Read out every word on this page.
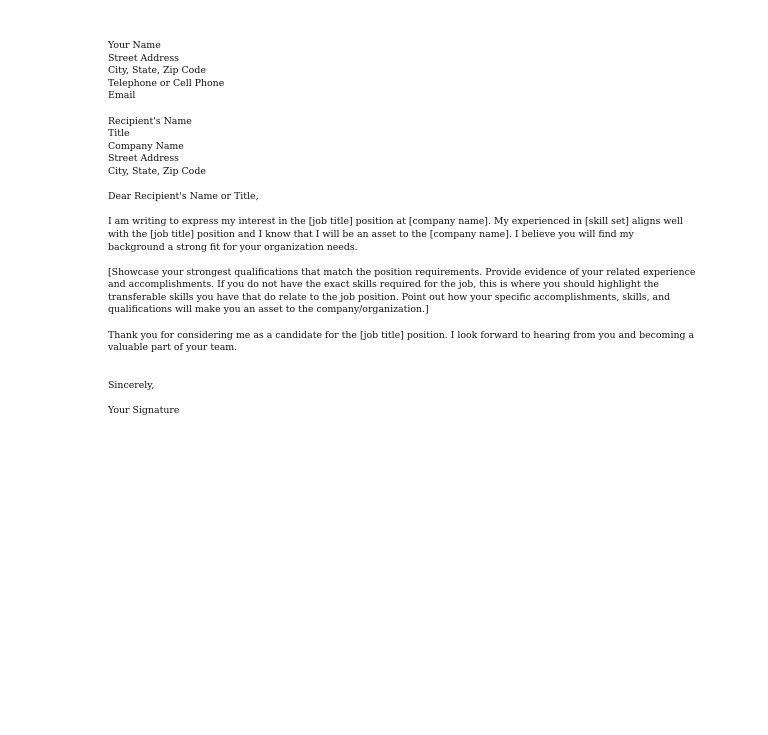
Your Name
Street Address
City, State, Zip Code
Telephone or Cell Phone
Email
Recipient's Name
Title
Company Name
Street Address
City, State, Zip Code
Dear Recipient's Name or Title,
I am writing to express my interest in the [job title] position at [company name]. My experienced in [skill set] aligns well
with the [job title] position and I know that I will be an asset to the [company name]. I believe you will find my
background a strong fit for your organization needs.
[Showcase your strongest qualifications that match the position requirements. Provide evidence of your related experience
and accomplishments. If you do not have the exact skills required for the job, this is where you should highlight the
transferable skills you have that do relate to the job position. Point out how your specific accomplishments, skills, and
qualifications will make you an asset to the company/organization.]
Thank you for considering me as a candidate for the [job title] position. I look forward to hearing from you and becoming a
valuable part of your team.
Sincerely,
Your Signature
